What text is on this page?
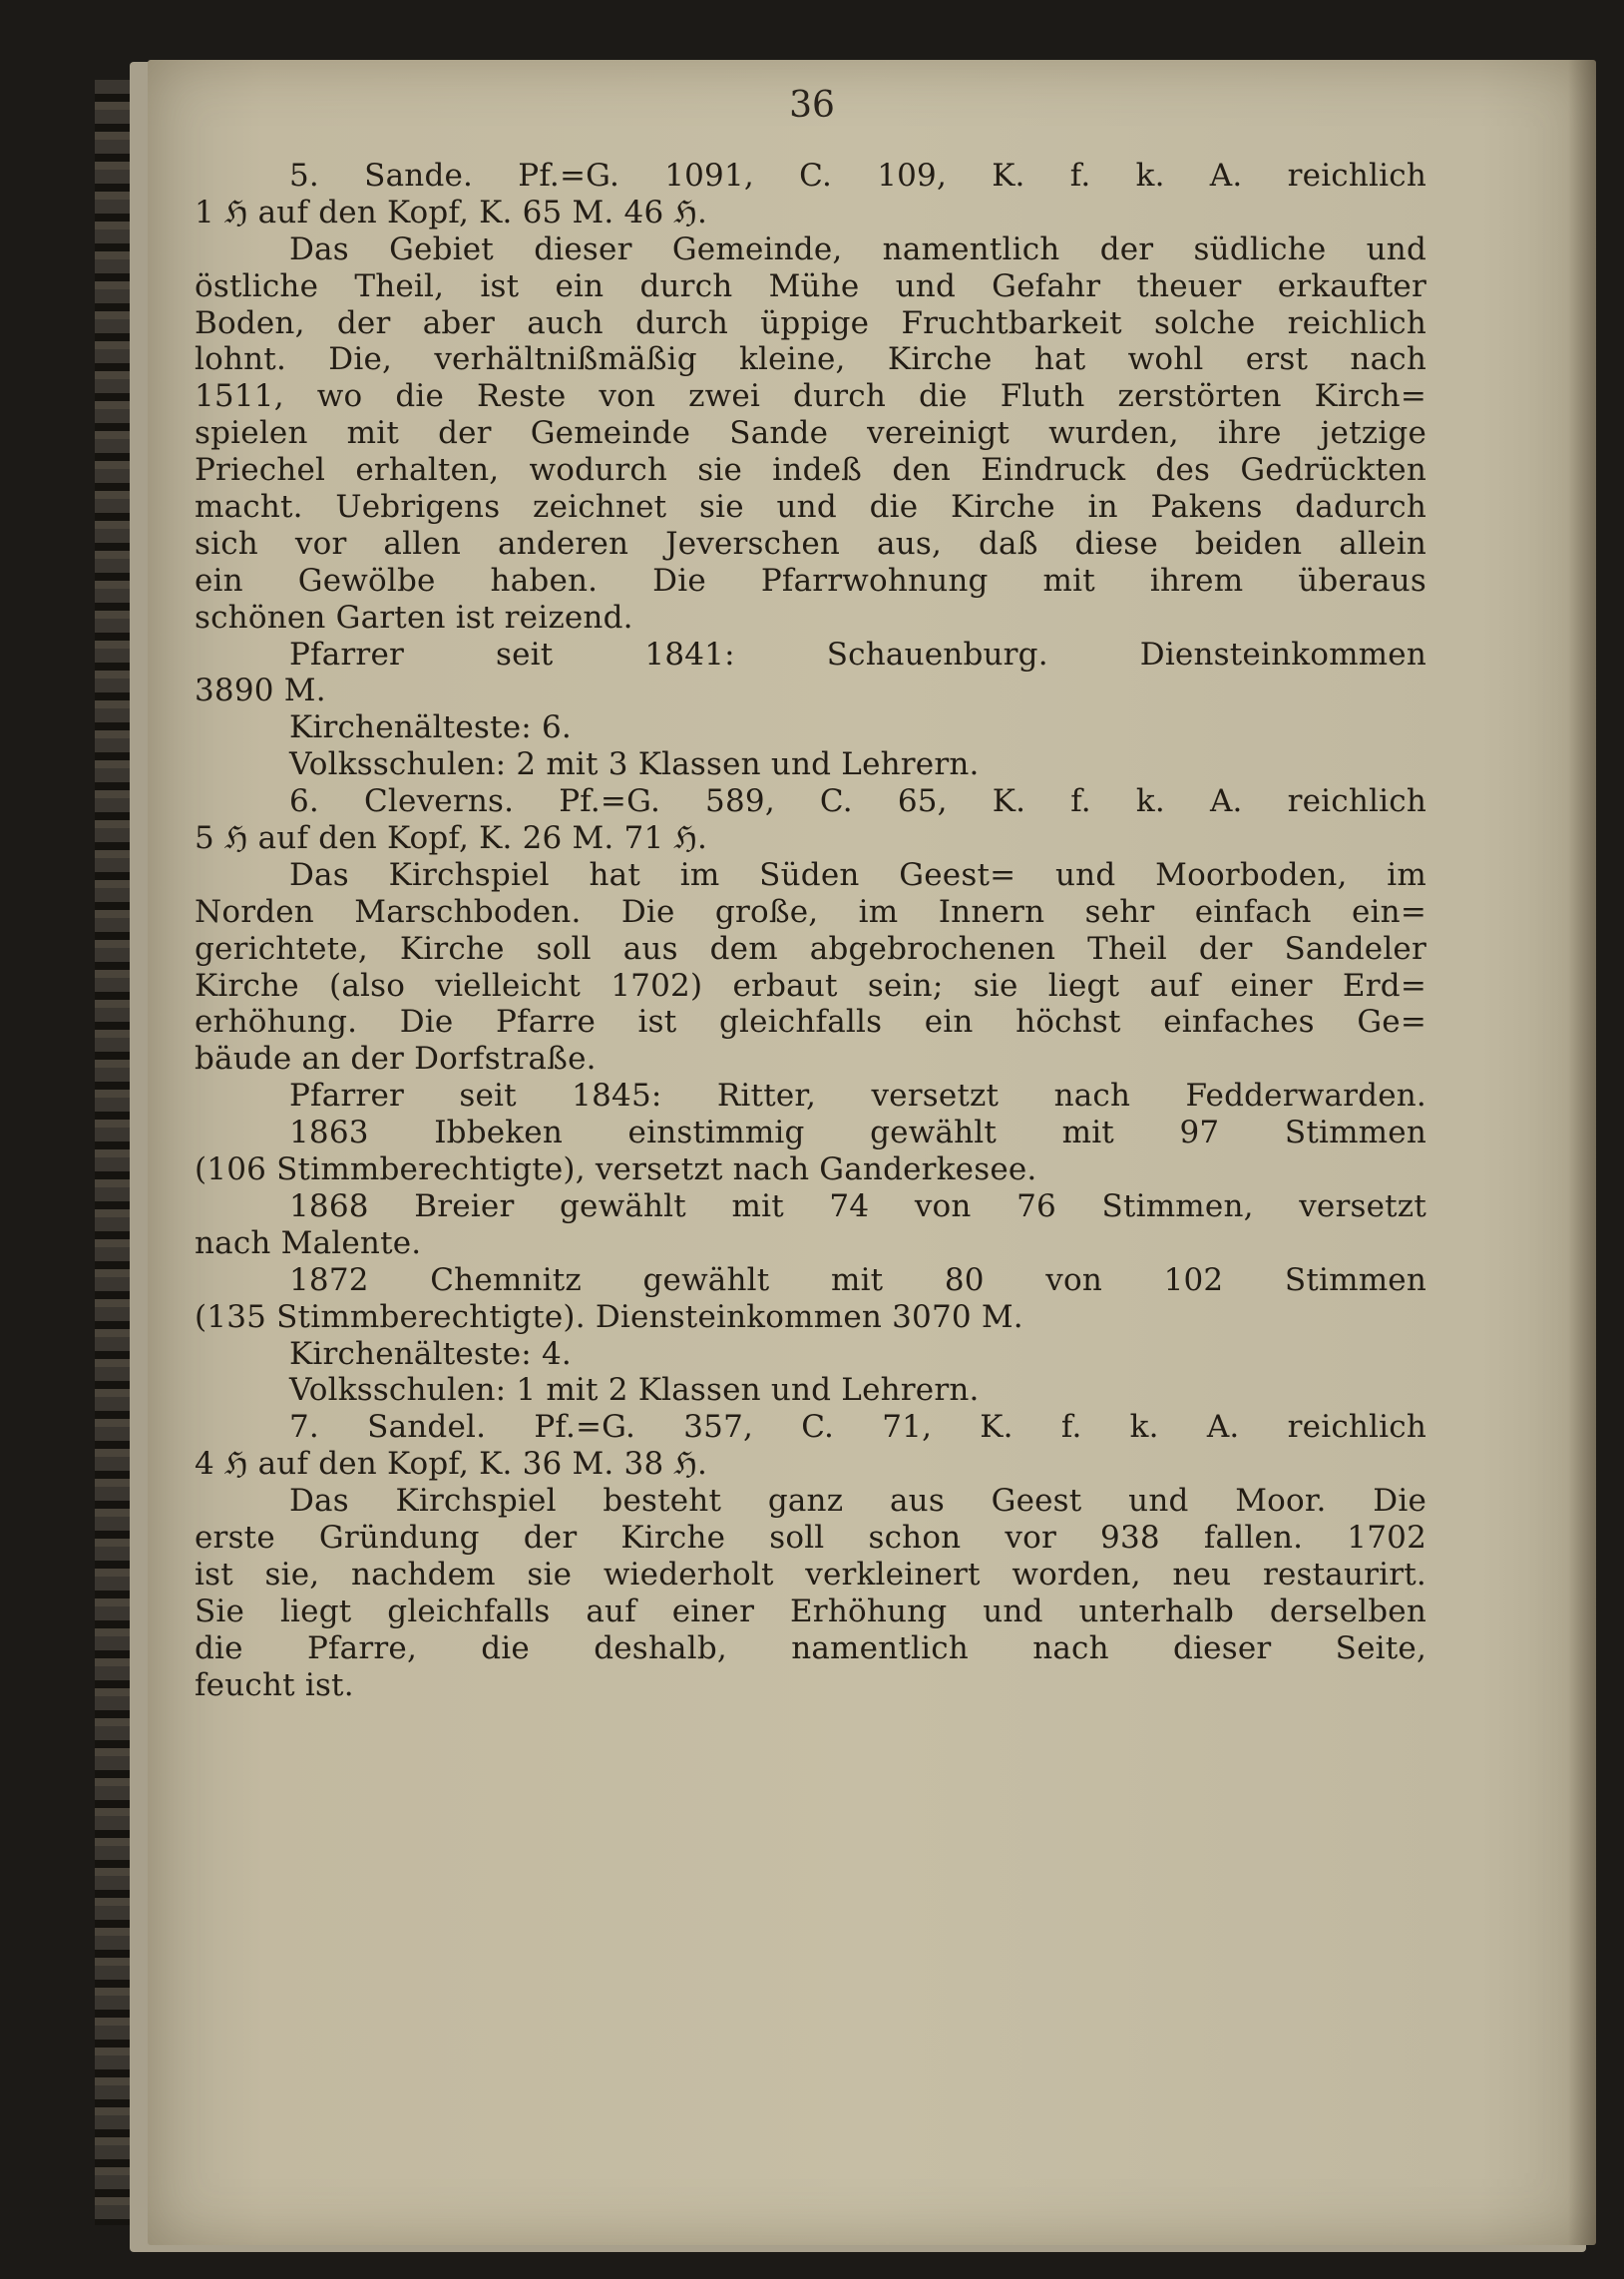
36
5. Sande. Pf.=G. 1091, C. 109, K. f. k. A. reichlich
1 ℌ auf den Kopf, K. 65 M. 46 ℌ.
Das Gebiet dieser Gemeinde, namentlich der südliche und
östliche Theil, ist ein durch Mühe und Gefahr theuer erkaufter
Boden, der aber auch durch üppige Fruchtbarkeit solche reichlich
lohnt. Die, verhältnißmäßig kleine, Kirche hat wohl erst nach
1511, wo die Reste von zwei durch die Fluth zerstörten Kirch=
spielen mit der Gemeinde Sande vereinigt wurden, ihre jetzige
Priechel erhalten, wodurch sie indeß den Eindruck des Gedrückten
macht. Uebrigens zeichnet sie und die Kirche in Pakens dadurch
sich vor allen anderen Jeverschen aus, daß diese beiden allein
ein Gewölbe haben. Die Pfarrwohnung mit ihrem überaus
schönen Garten ist reizend.
Pfarrer seit 1841: Schauenburg. Diensteinkommen
3890 M.
Kirchenälteste: 6.
Volksschulen: 2 mit 3 Klassen und Lehrern.
6. Cleverns. Pf.=G. 589, C. 65, K. f. k. A. reichlich
5 ℌ auf den Kopf, K. 26 M. 71 ℌ.
Das Kirchspiel hat im Süden Geest= und Moorboden, im
Norden Marschboden. Die große, im Innern sehr einfach ein=
gerichtete, Kirche soll aus dem abgebrochenen Theil der Sandeler
Kirche (also vielleicht 1702) erbaut sein; sie liegt auf einer Erd=
erhöhung. Die Pfarre ist gleichfalls ein höchst einfaches Ge=
bäude an der Dorfstraße.
Pfarrer seit 1845: Ritter, versetzt nach Fedderwarden.
1863 Ibbeken einstimmig gewählt mit 97 Stimmen
(106 Stimmberechtigte), versetzt nach Ganderkesee.
1868 Breier gewählt mit 74 von 76 Stimmen, versetzt
nach Malente.
1872 Chemnitz gewählt mit 80 von 102 Stimmen
(135 Stimmberechtigte). Diensteinkommen 3070 M.
Kirchenälteste: 4.
Volksschulen: 1 mit 2 Klassen und Lehrern.
7. Sandel. Pf.=G. 357, C. 71, K. f. k. A. reichlich
4 ℌ auf den Kopf, K. 36 M. 38 ℌ.
Das Kirchspiel besteht ganz aus Geest und Moor. Die
erste Gründung der Kirche soll schon vor 938 fallen. 1702
ist sie, nachdem sie wiederholt verkleinert worden, neu restaurirt.
Sie liegt gleichfalls auf einer Erhöhung und unterhalb derselben
die Pfarre, die deshalb, namentlich nach dieser Seite,
feucht ist.
